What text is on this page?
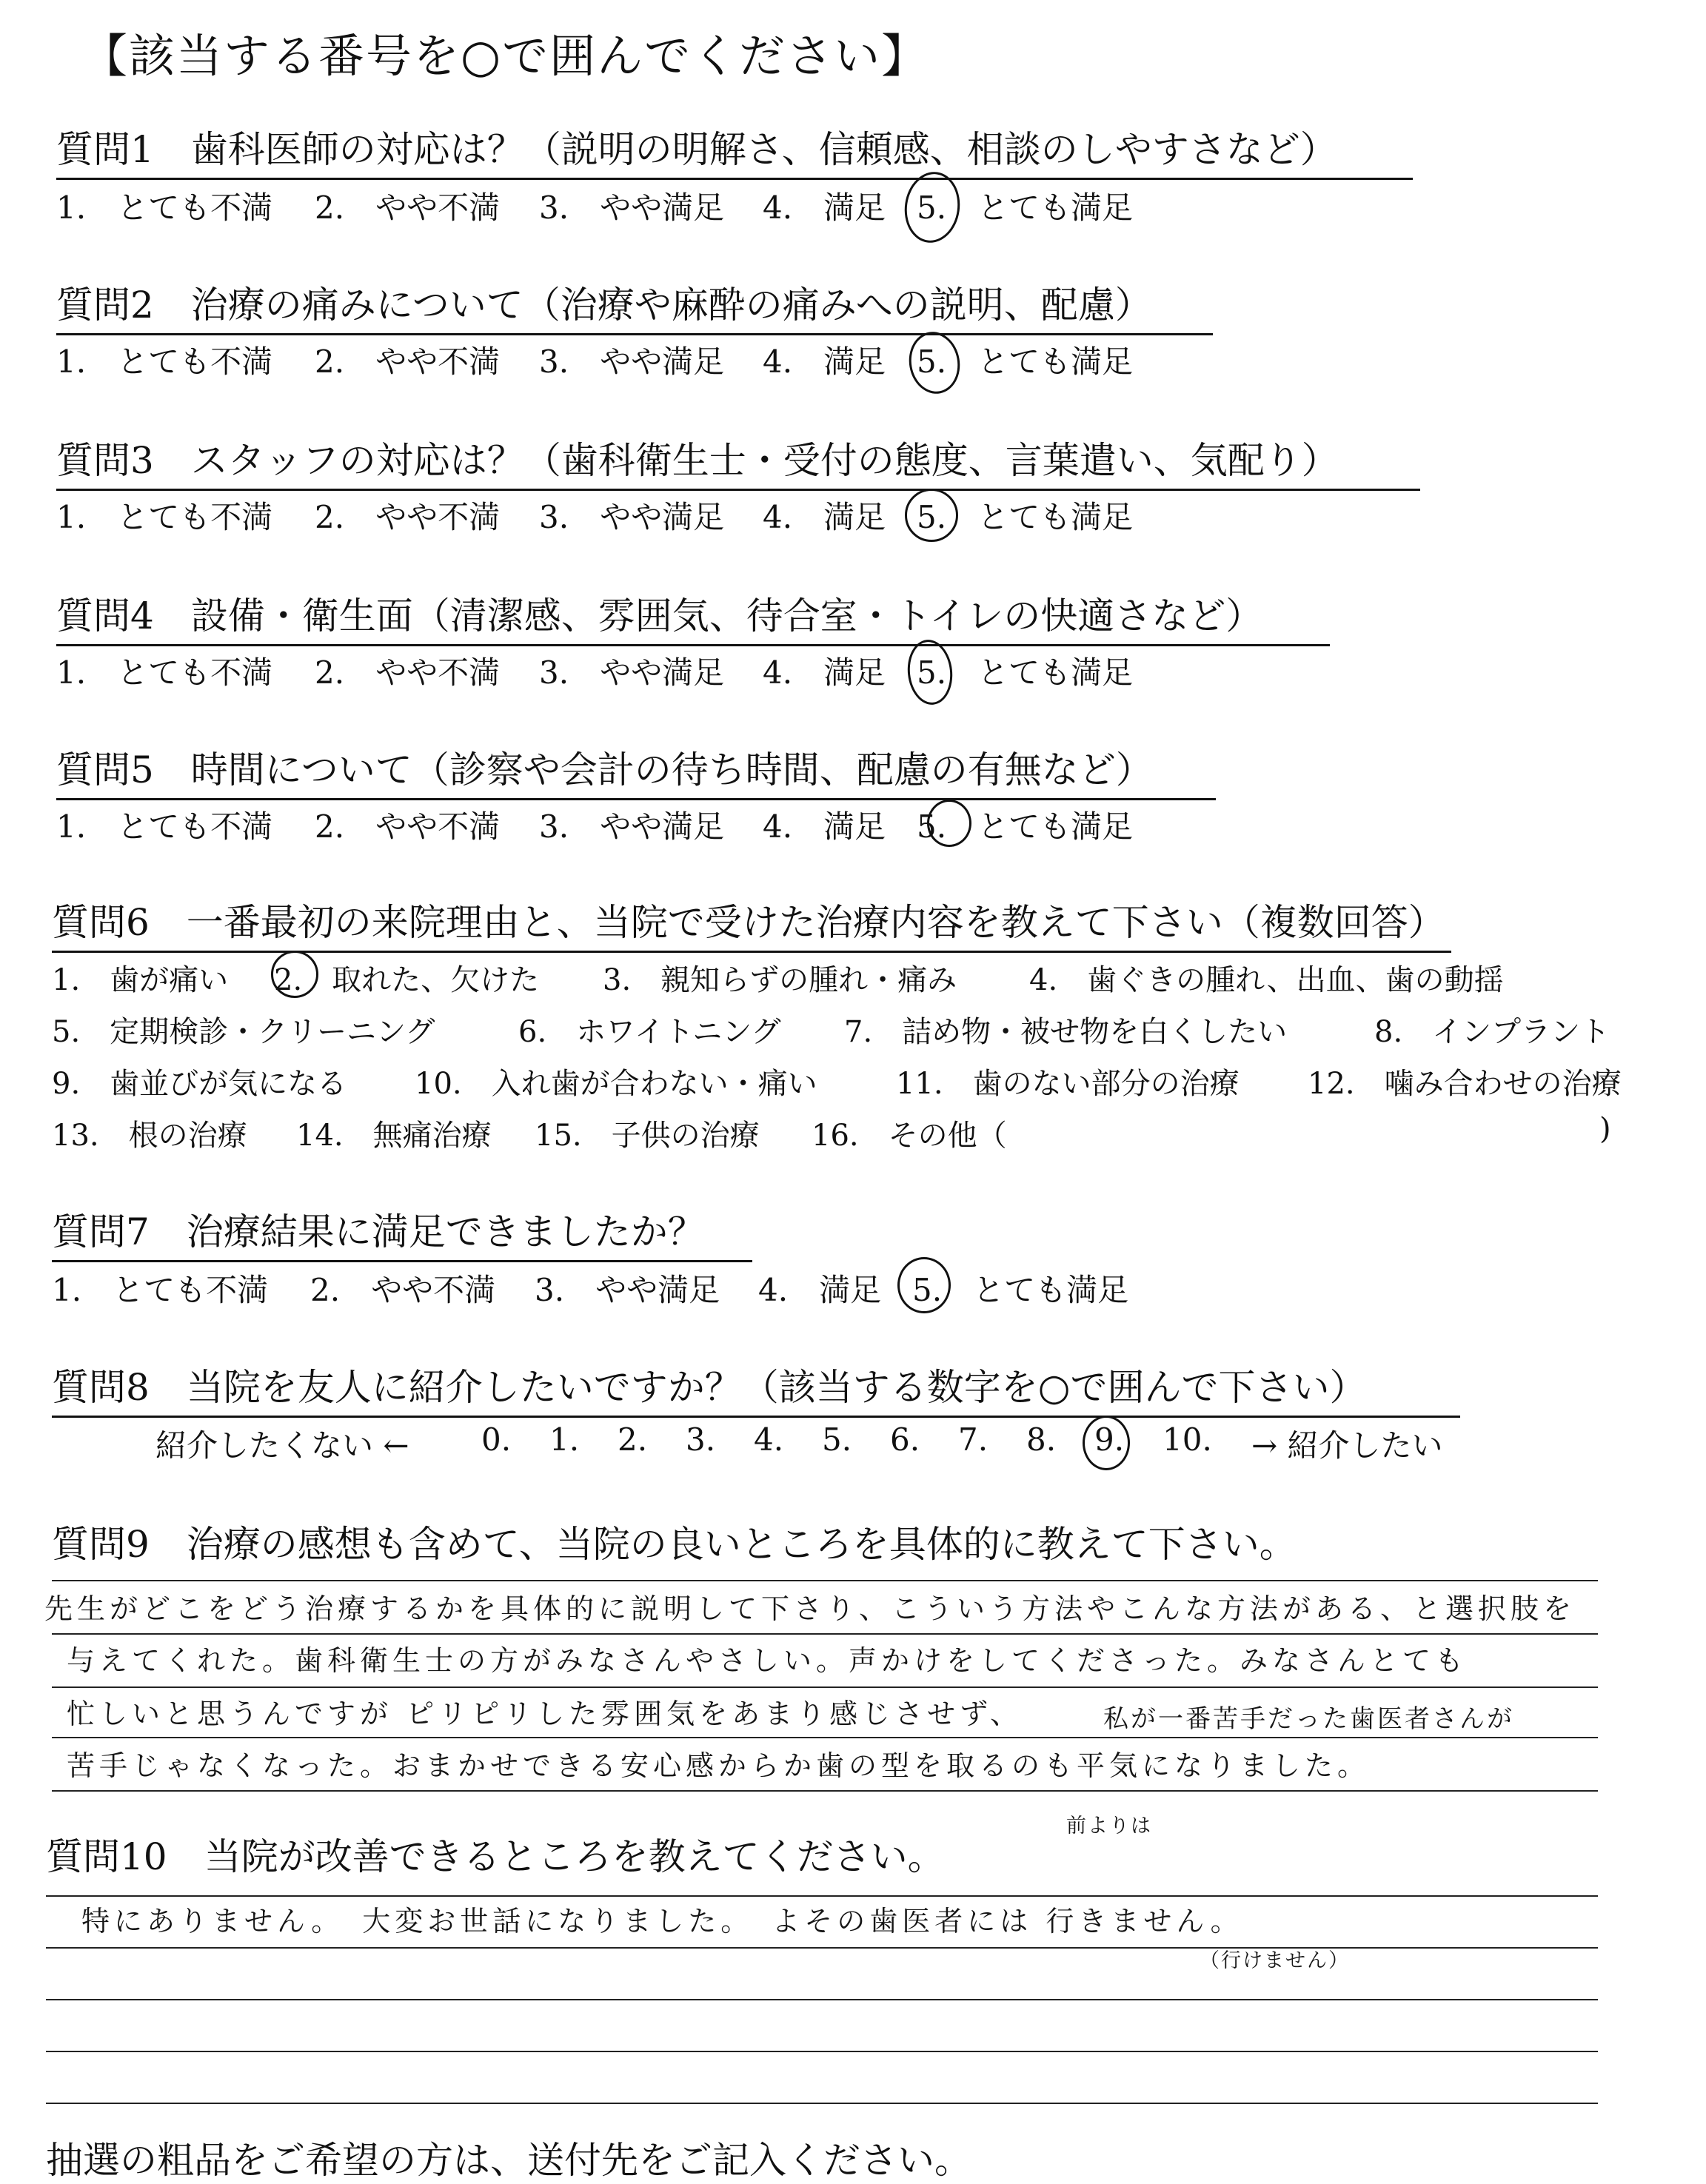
【該当する番号を○で囲んでください】
質問1　歯科医師の対応は？（説明の明解さ、信頼感、相談のしやすさなど）
1.　とても不満 2.　やや不満 3.　やや満足 4.　満足 5.　とても満足
質問2　治療の痛みについて（治療や麻酔の痛みへの説明、配慮）
1.　とても不満 2.　やや不満 3.　やや満足 4.　満足 5.　とても満足
質問3　スタッフの対応は？（歯科衛生士・受付の態度、言葉遣い、気配り）
1.　とても不満 2.　やや不満 3.　やや満足 4.　満足 5.　とても満足
質問4　設備・衛生面（清潔感、雰囲気、待合室・トイレの快適さなど）
1.　とても不満 2.　やや不満 3.　やや満足 4.　満足 5.　とても満足
質問5　時間について（診察や会計の待ち時間、配慮の有無など）
1.　とても不満 2.　やや不満 3.　やや満足 4.　満足 5.　とても満足
質問6　一番最初の来院理由と、当院で受けた治療内容を教えて下さい（複数回答）
1.　歯が痛い 2.　取れた、欠けた 3.　親知らずの腫れ・痛み 4.　歯ぐきの腫れ、出血、歯の動揺
5.　定期検診・クリーニング	6.　ホワイトニング 7.　詰め物・被せ物を白くしたい	8.　インプラント
9.　歯並びが気になる 10.　入れ歯が合わない・痛い	11.　歯のない部分の治療 12.　噛み合わせの治療
13.　根の治療 14.　無痛治療 15.　子供の治療 16.　その他（	)
質問7　治療結果に満足できましたか？
1.　とても不満 2.　やや不満 3.　やや満足 4.　満足 5.　とても満足
質問8　当院を友人に紹介したいですか？（該当する数字を○で囲んで下さい）
紹介したくない ← 0. 1. 2. 3. 4. 5. 6. 7. 8. 9. 10. → 紹介したい
質問9　治療の感想も含めて、当院の良いところを具体的に教えて下さい。
先生がどこをどう治療するかを具体的に説明して下さり、こういう方法やこんな方法がある、と選択肢を
与えてくれた。歯科衛生士の方がみなさんやさしい。声かけをしてくださった。みなさんとても
忙しいと思うんですが ピリピリした雰囲気をあまり感じさせず、	私が一番苦手だった歯医者さんが
苦手じゃなくなった。おまかせできる安心感からか歯の型を取るのも平気になりました。
前よりは
質問10　当院が改善できるところを教えてください。
特にありません。　大変お世話になりました。　よその歯医者には 行きません。
（行けません）
抽選の粗品をご希望の方は、送付先をご記入ください。
